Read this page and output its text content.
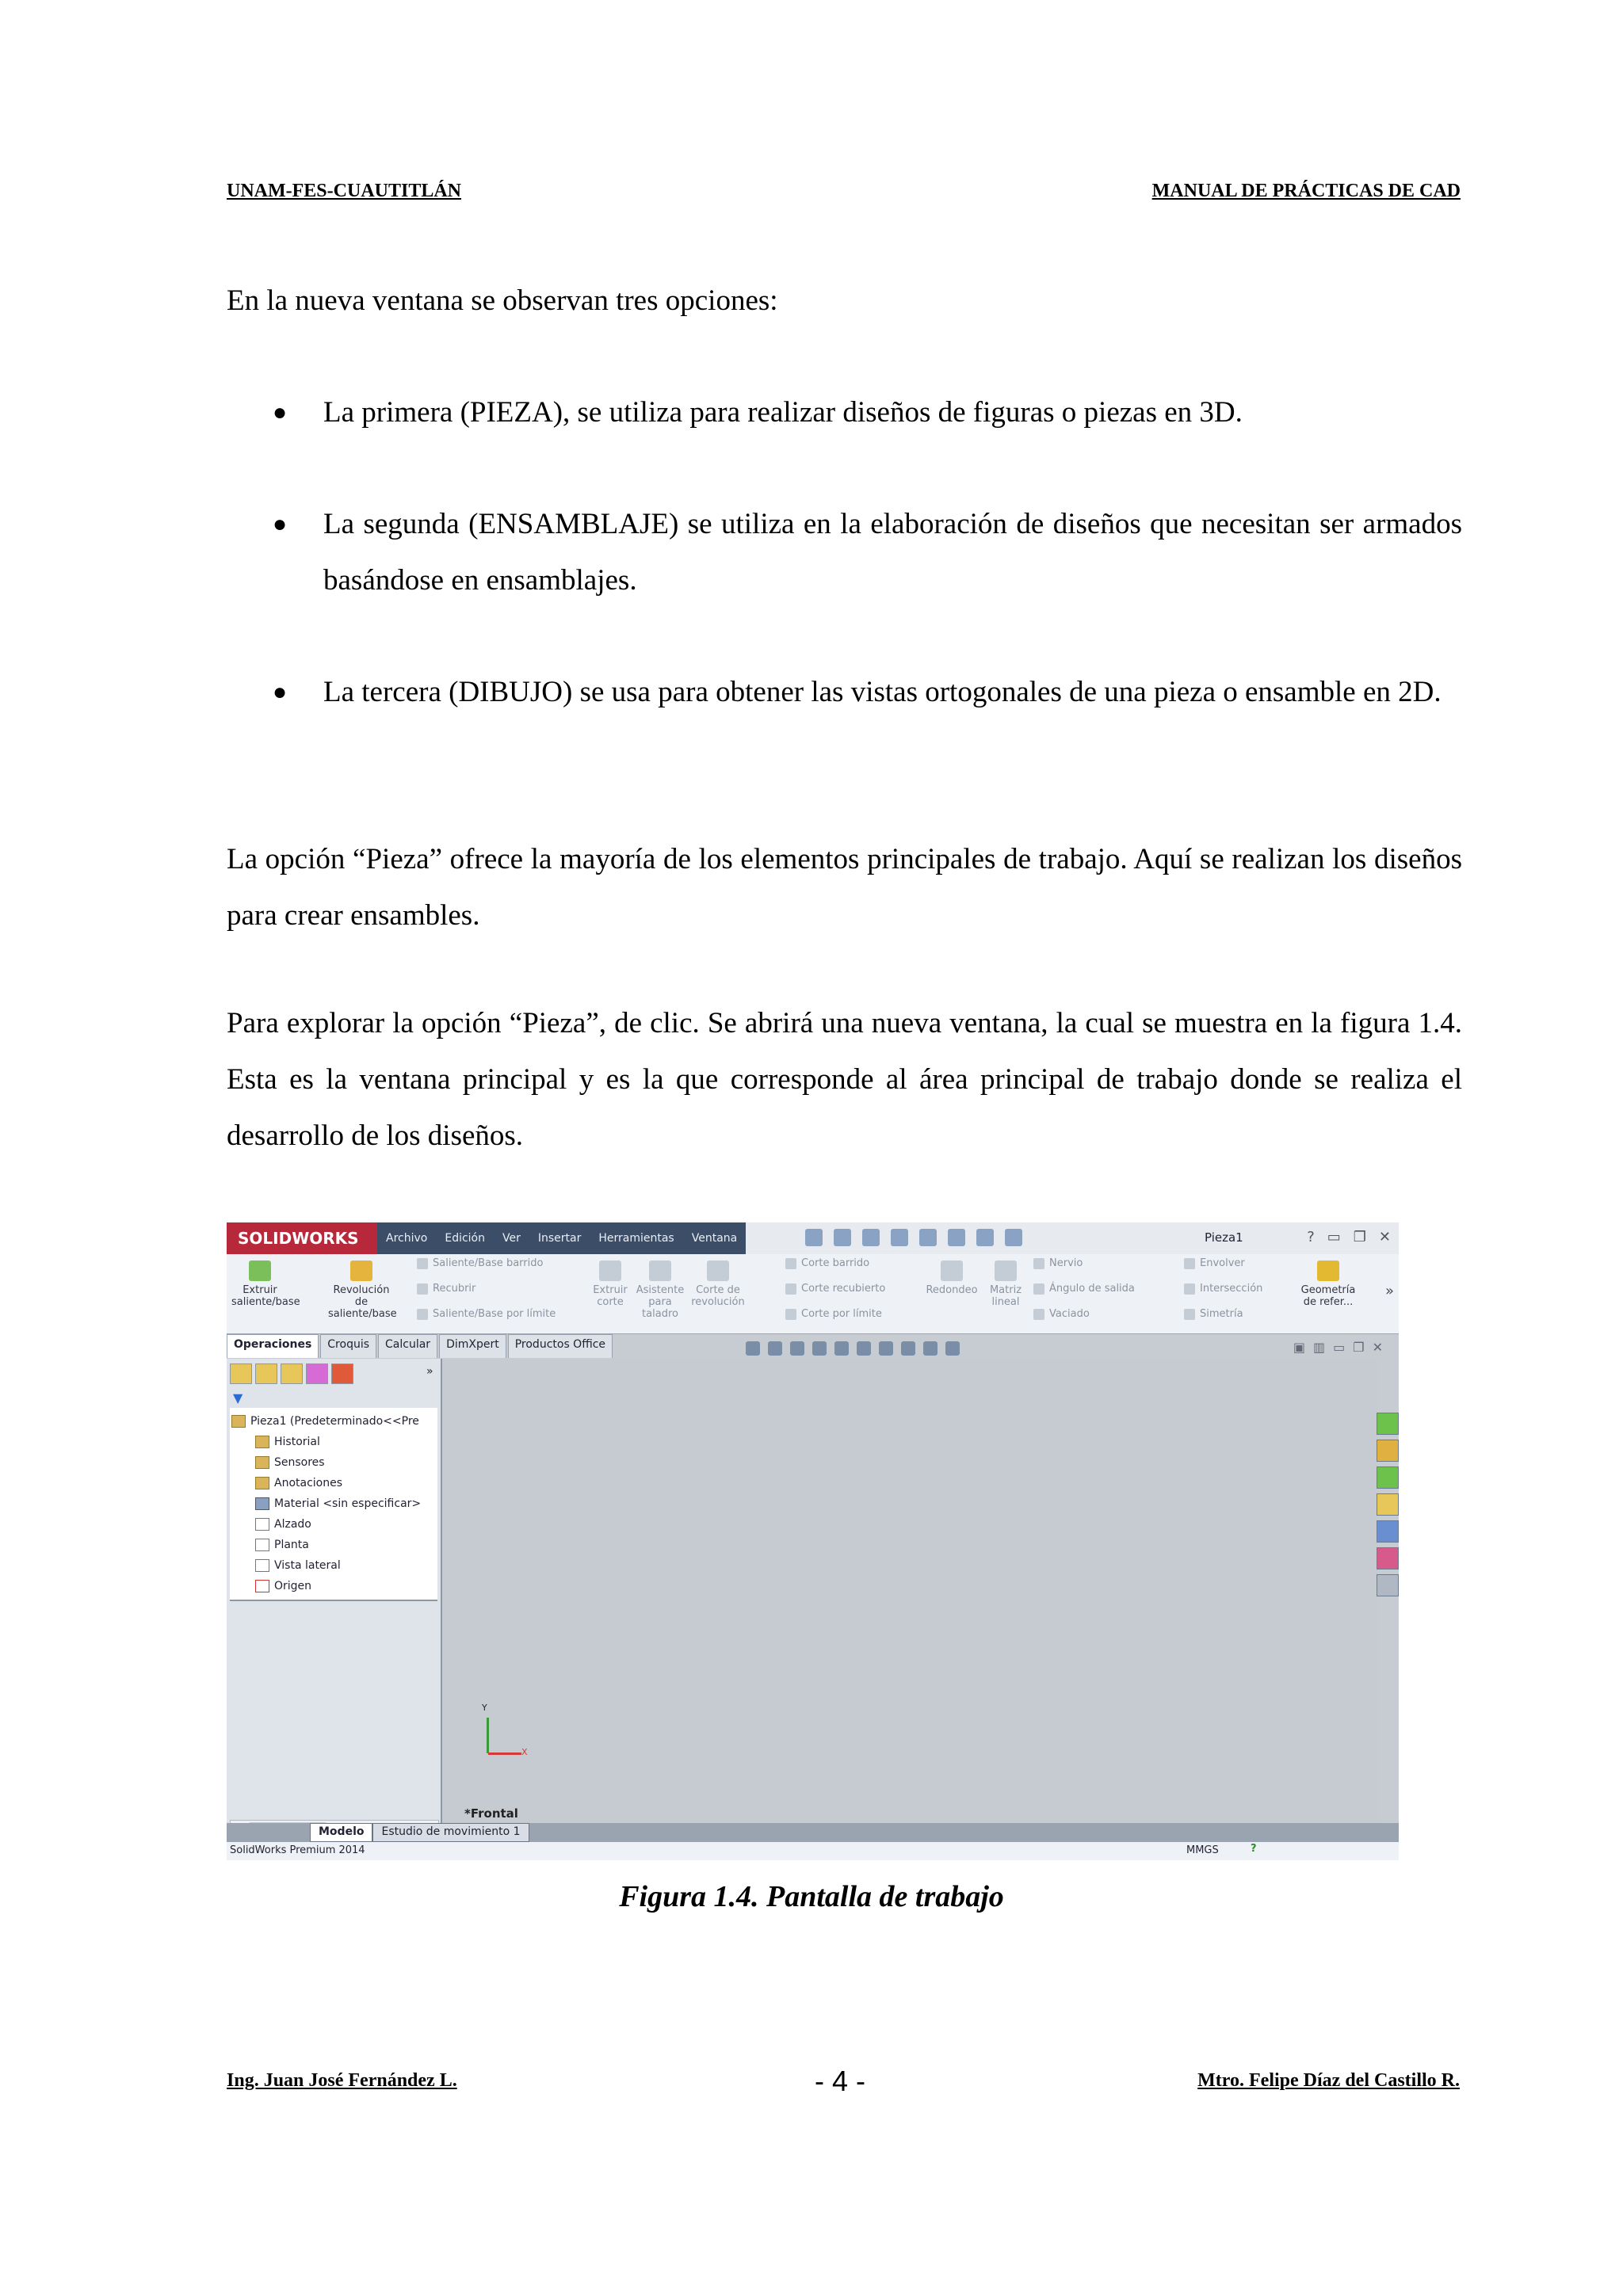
UNAM-FES-CUAUTITLÁN	MANUAL DE PRÁCTICAS DE CAD
En la nueva ventana se observan tres opciones:
● La primera (PIEZA), se utiliza para realizar diseños de figuras o piezas en 3D.
● La segunda (ENSAMBLAJE) se utiliza en la elaboración de diseños que necesitan ser armados basándose en ensamblajes.
● La tercera (DIBUJO) se usa para obtener las vistas ortogonales de una pieza o ensamble en 2D.
La opción “Pieza” ofrece la mayoría de los elementos principales de trabajo. Aquí se realizan los diseños para crear ensambles.
Para explorar la opción “Pieza”, de clic. Se abrirá una nueva ventana, la cual se muestra en la figura 1.4. Esta es la ventana principal y es la que corresponde al área principal de trabajo donde se realiza el desarrollo de los diseños.
SOLIDWORKS	Archivo	Edición	Ver	Insertar	Herramientas	Ventana	Pieza1	? ▭ ❐ ✕
Extruir saliente/base
Revolución de saliente/base
Saliente/Base barrido
Recubrir
Saliente/Base por límite
Extruir corte
Asistente para taladro
Corte de revolución
Corte barrido
Corte recubierto
Corte por límite
Redondeo	Matriz lineal
Nervio
Ángulo de salida
Vaciado
Envolver
Intersección
Simetría
Geometría de refer...
»
Operaciones	Croquis	Calcular	DimXpert	Productos Office	▣ ▥ ▭ ❐ ✕
»
▼
Pieza1 (Predeterminado<<Pre
Historial
Sensores
Anotaciones
Material <sin especificar>
Alzado
Planta
Vista lateral
Origen
Y
X
*Frontal
Modelo	Estudio de movimiento 1
SolidWorks Premium 2014	MMGS	?
Figura 1.4. Pantalla de trabajo
Ing. Juan José Fernández L.	- 4 -	Mtro. Felipe Díaz del Castillo R.
